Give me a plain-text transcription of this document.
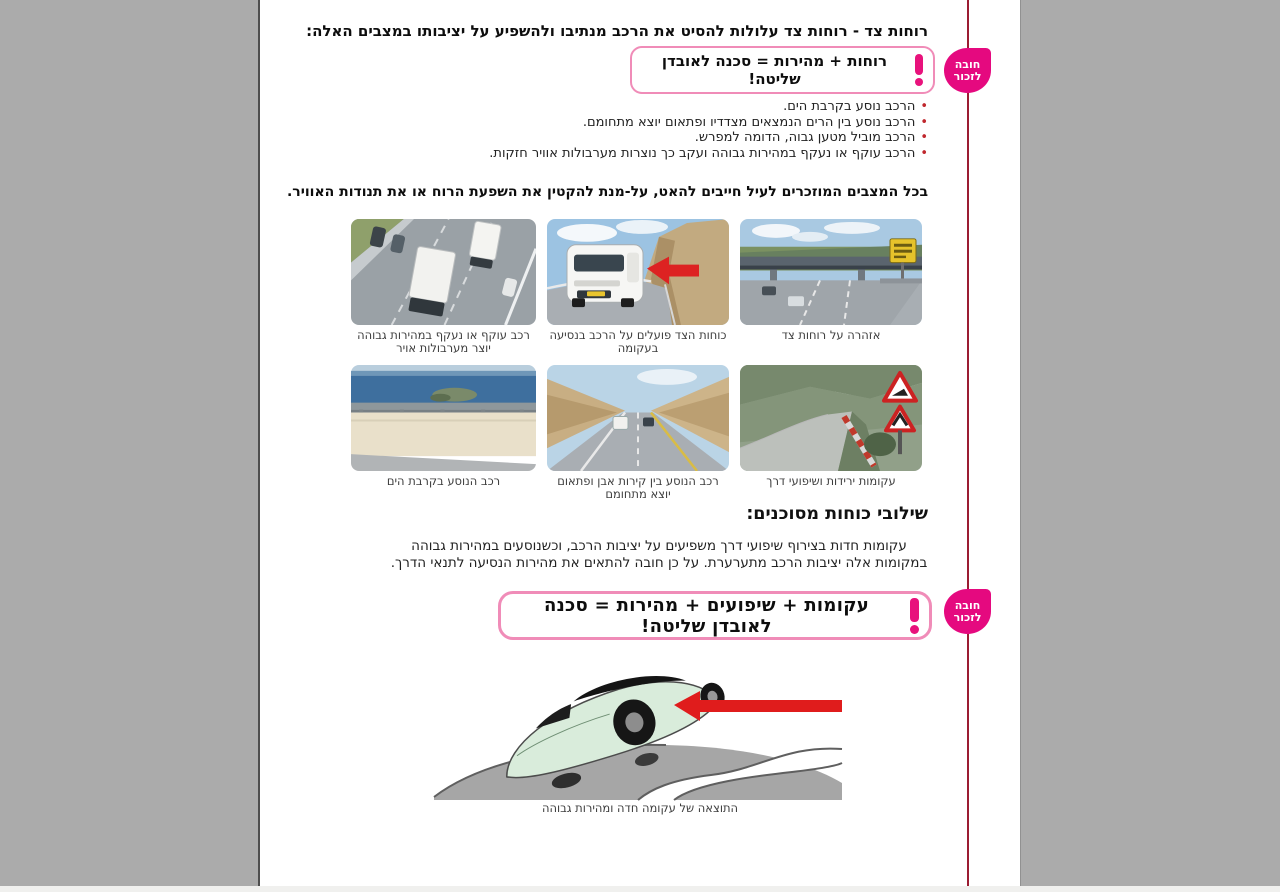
רוחות צד - רוחות צד עלולות להסיט את הרכב מנתיבו ולהשפיע על יציבותו במצבים האלה:
רוחות + מהירות = סכנה לאובדן שליטה!
• הרכב נוסע בקרבת הים.
• הרכב נוסע בין הרים הנמצאים מצדדיו ופתאום יוצא מתחומם.
• הרכב מוביל מטען גבוה, הדומה למפרש.
• הרכב עוקף או נעקף במהירות גבוהה ועקב כך נוצרות מערבולות אוויר חזקות.
בכל המצבים המוזכרים לעיל חייבים להאט, על-מנת להקטין את השפעת הרוח או את תנודות האוויר.
אזהרה על רוחות צד
כוחות הצד פועלים על הרכב בנסיעה בעקומה
רכב עוקף או נעקף במהירות גבוהה יוצר מערבולות אויר
עקומות ירידות ושיפועי דרך
רכב הנוסע בין קירות אבן ופתאום יוצא מתחומם
רכב הנוסע בקרבת הים
שילובי כוחות מסוכנים:
עקומות חדות בצירוף שיפועי דרך משפיעים על יציבות הרכב, וכשנוסעים במהירות גבוהה במקומות אלה יציבות הרכב מתערערת. על כן חובה להתאים את מהירות הנסיעה לתנאי הדרך.
עקומות + שיפועים + מהירות = סכנה לאובדן שליטה!
התוצאה של עקומה חדה ומהירות גבוהה
חובה
לזכור
חובה
לזכור
